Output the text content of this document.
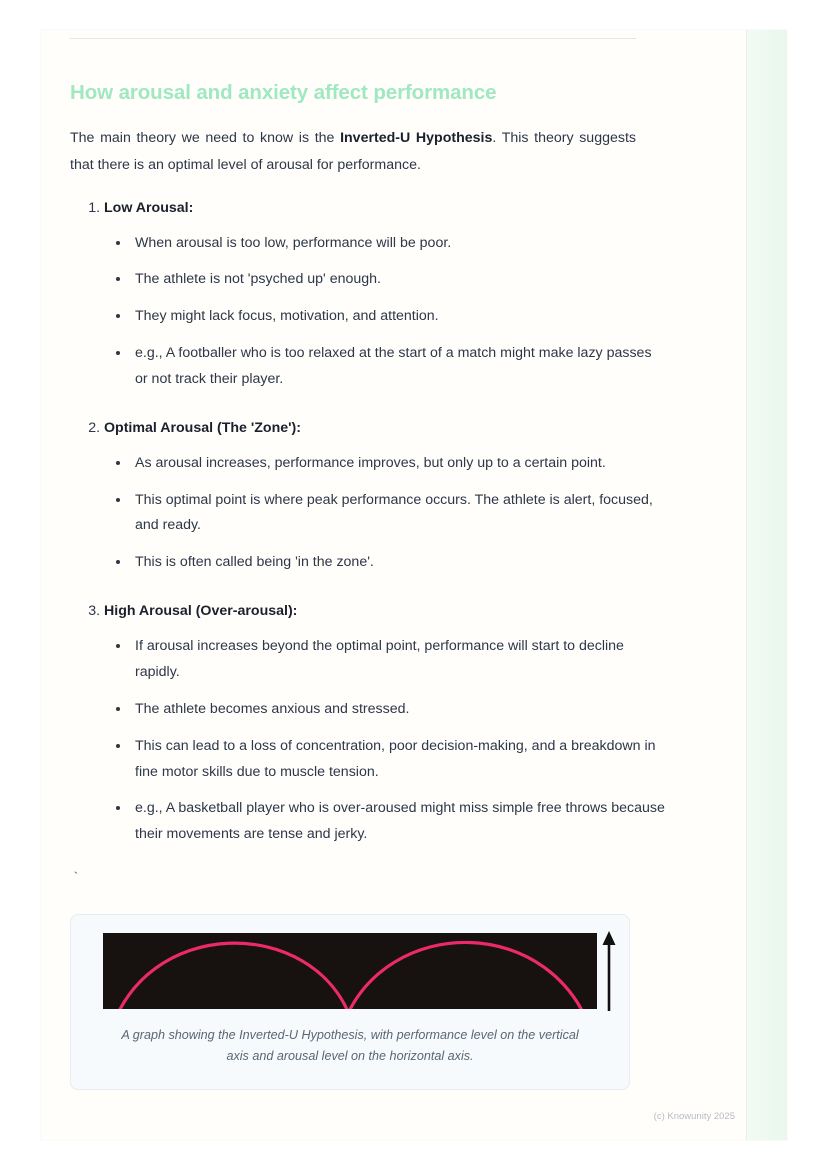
How arousal and anxiety affect performance

The main theory we need to know is the Inverted-U Hypothesis. This theory suggests that there is an optimal level of arousal for performance.

1. Low Arousal:
• When arousal is too low, performance will be poor.
• The athlete is not 'psyched up' enough.
• They might lack focus, motivation, and attention.
• e.g., A footballer who is too relaxed at the start of a match might make lazy passes or not track their player.
2. Optimal Arousal (The 'Zone'):
• As arousal increases, performance improves, but only up to a certain point.
• This optimal point is where peak performance occurs. The athlete is alert, focused, and ready.
• This is often called being 'in the zone'.
3. High Arousal (Over-arousal):
• If arousal increases beyond the optimal point, performance will start to decline rapidly.
• The athlete becomes anxious and stressed.
• This can lead to a loss of concentration, poor decision-making, and a breakdown in fine motor skills due to muscle tension.
• e.g., A basketball player who is over-aroused might miss simple free throws because their movements are tense and jerky.
`
A graph showing the Inverted-U Hypothesis, with performance level on the vertical axis and arousal level on the horizontal axis.
(c) Knowunity 2025
